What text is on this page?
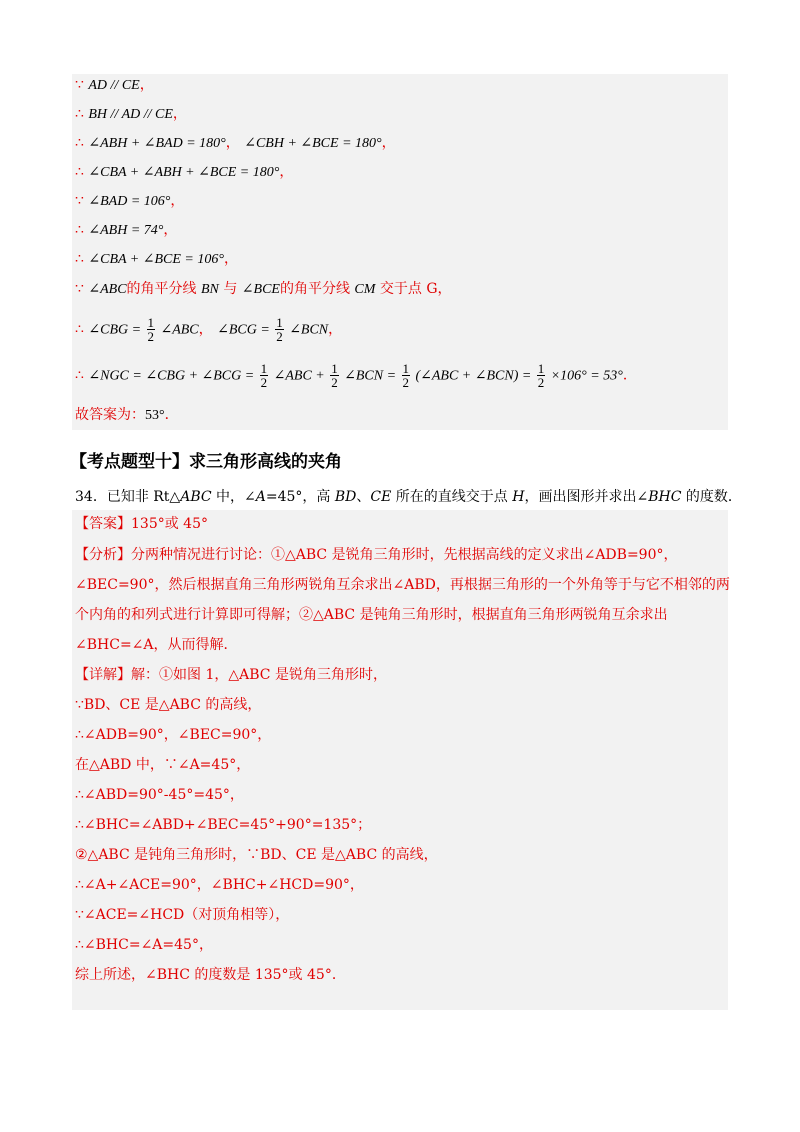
∵ AD // CE，
∴ BH // AD // CE，
∴ ∠ABH + ∠BAD = 180°， ∠CBH + ∠BCE = 180°，
∴ ∠CBA + ∠ABH + ∠BCE = 180°，
∵ ∠BAD = 106°，
∴ ∠ABH = 74°，
∴ ∠CBA + ∠BCE = 106°，
∵ ∠ABC的角平分线 BN 与 ∠BCE的角平分线 CM 交于点 G，
∴ ∠CBG = $\frac{1}{2}$ ∠ABC， ∠BCG = $\frac{1}{2}$ ∠BCN，
∴ ∠NGC = ∠CBG + ∠BCG = $\frac{1}{2}$ ∠ABC + $\frac{1}{2}$ ∠BCN = $\frac{1}{2}$ (∠ABC + ∠BCN) = $\frac{1}{2} \times 106^\circ = 53^\circ$．
故答案为：53°．
【考点题型十】求三角形高线的夹角
34．已知非 Rt△ABC 中，∠A=45°，高 BD、CE 所在的直线交于点 H，画出图形并求出∠BHC 的度数．
【答案】135°或 45°
【分析】分两种情况进行讨论：①△ABC 是锐角三角形时，先根据高线的定义求出∠ADB=90°，
∠BEC=90°，然后根据直角三角形两锐角互余求出∠ABD，再根据三角形的一个外角等于与它不相邻的两
个内角的和列式进行计算即可得解；②△ABC 是钝角三角形时，根据直角三角形两锐角互余求出
∠BHC=∠A，从而得解．
【详解】解：①如图 1，△ABC 是锐角三角形时，
∵BD、CE 是△ABC 的高线，
∴∠ADB=90°，∠BEC=90°，
在△ABD 中，∵∠A=45°，
∴∠ABD=90°-45°=45°，
∴∠BHC=∠ABD+∠BEC=45°+90°=135°；
②△ABC 是钝角三角形时，∵BD、CE 是△ABC 的高线，
∴∠A+∠ACE=90°，∠BHC+∠HCD=90°，
∵∠ACE=∠HCD（对顶角相等），
∴∠BHC=∠A=45°，
综上所述，∠BHC 的度数是 135°或 45°．
